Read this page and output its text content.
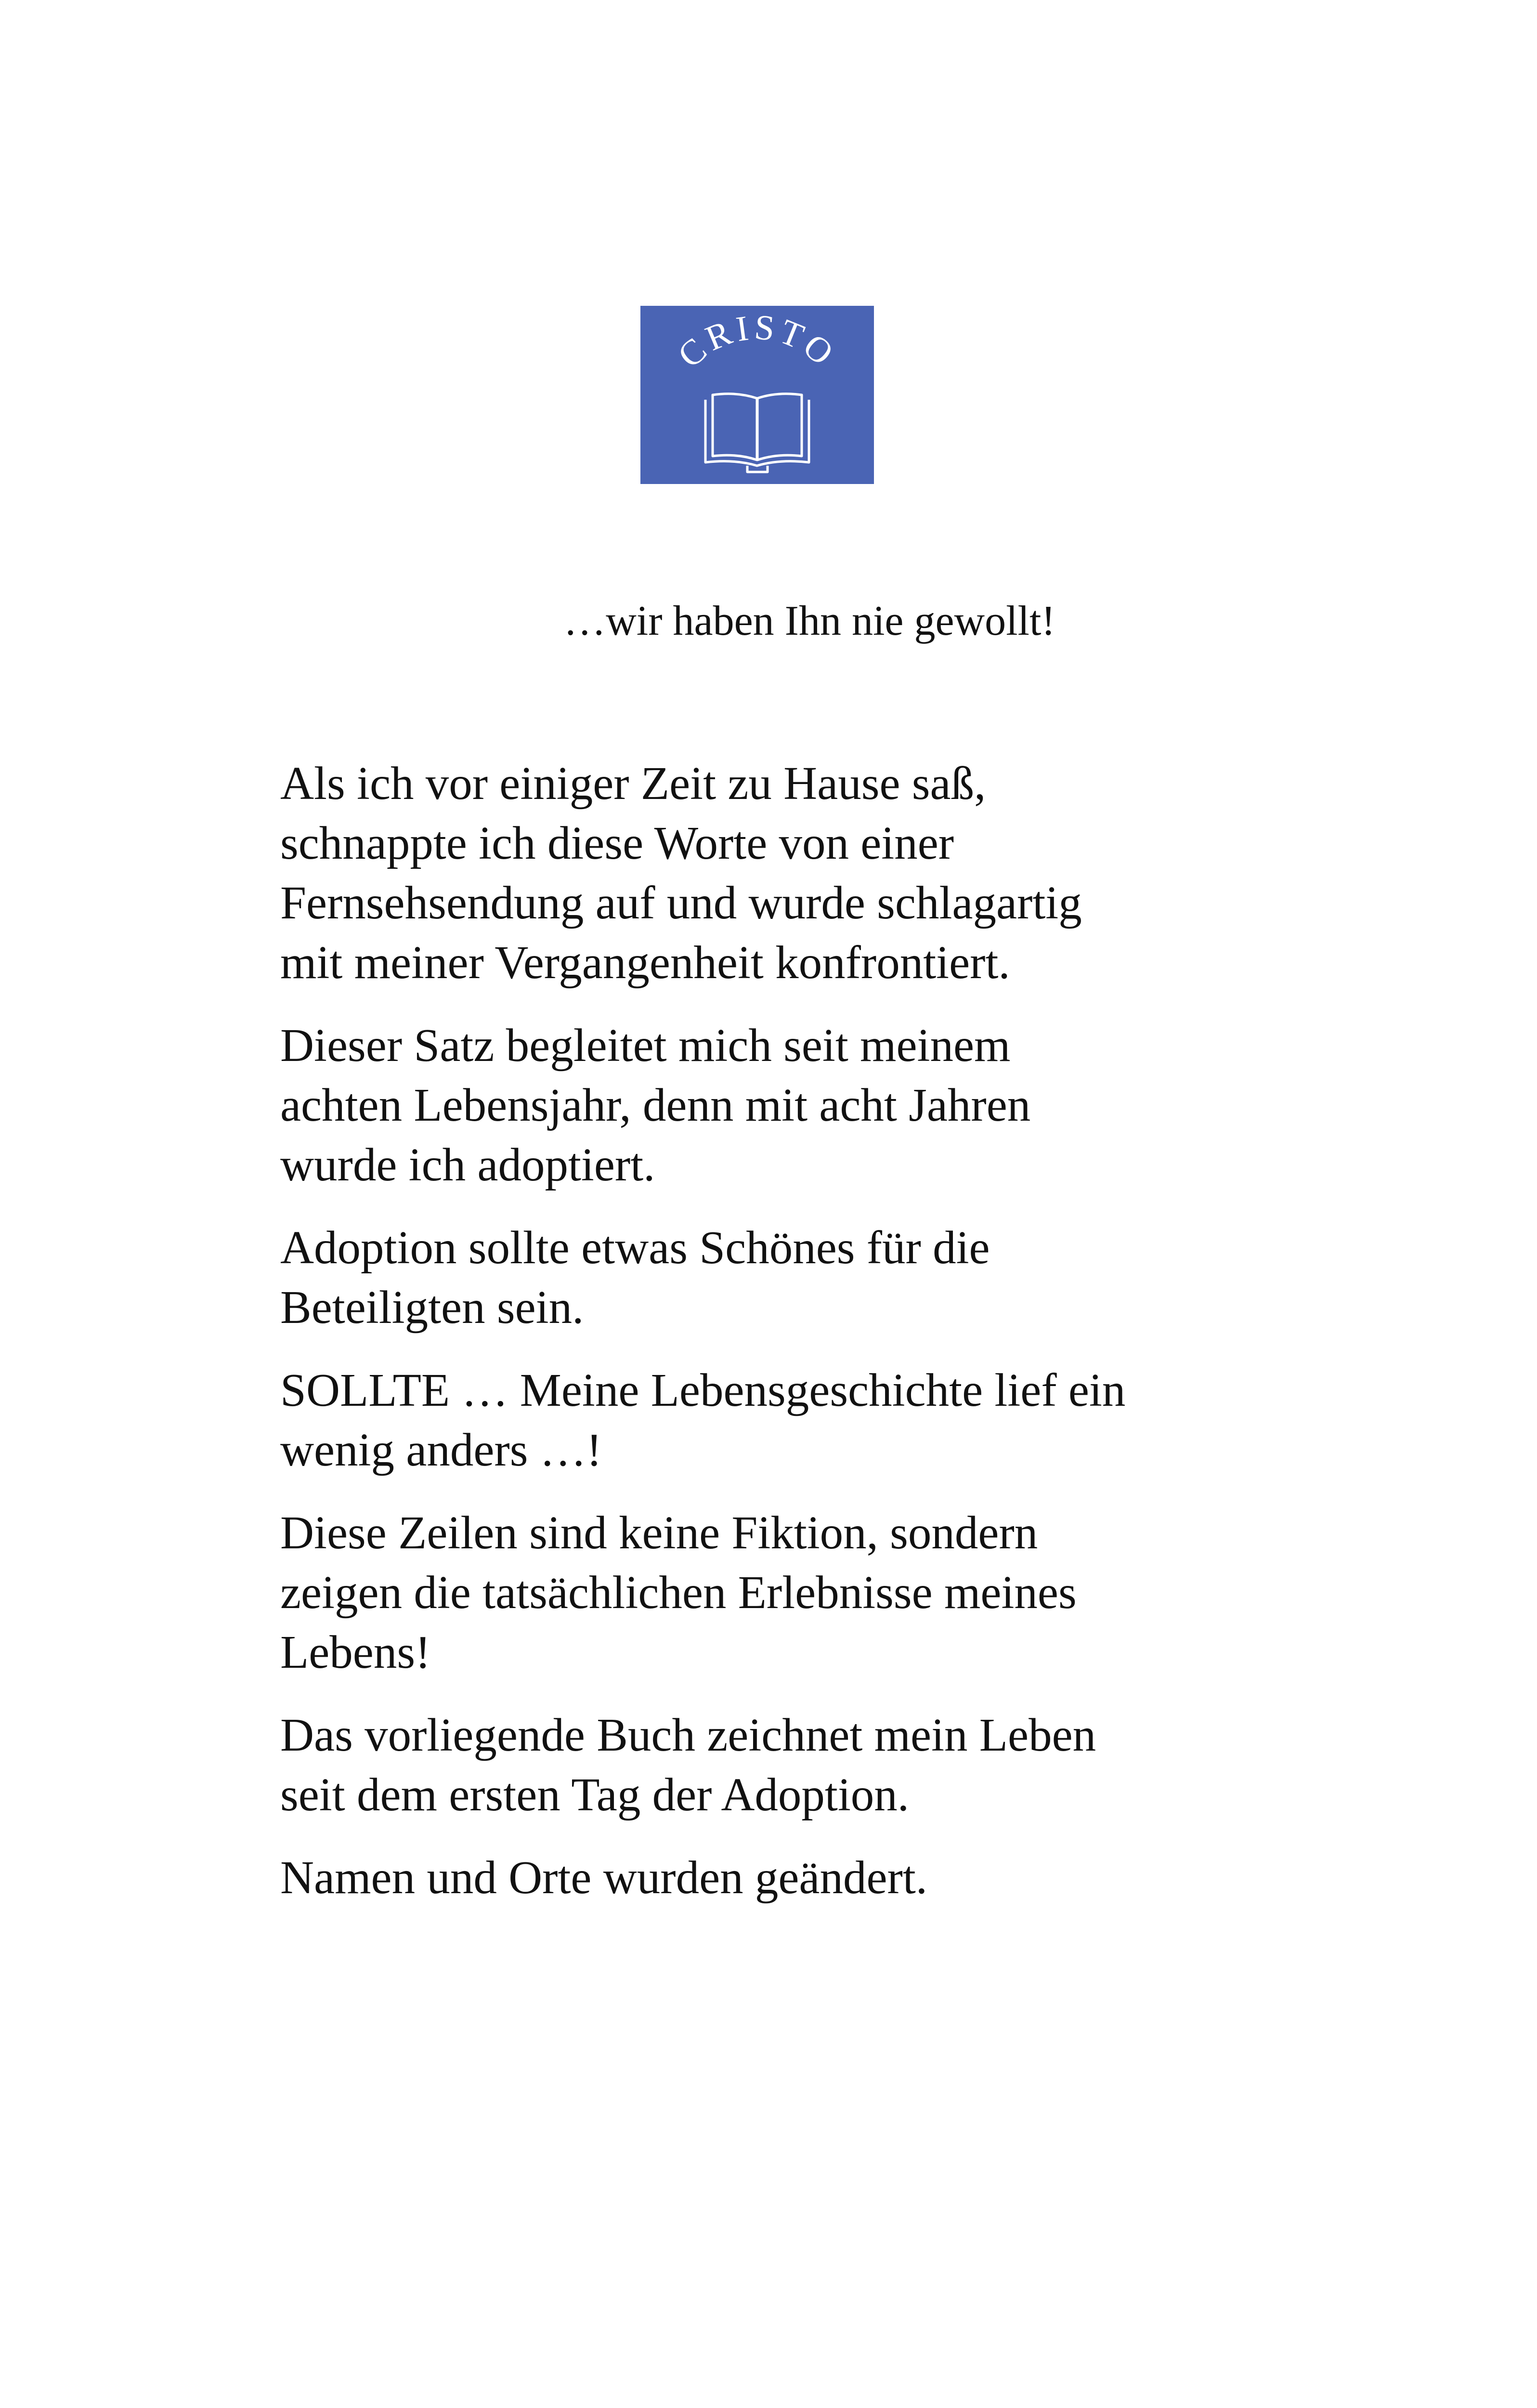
CRISTO
…wir haben Ihn nie gewollt!

Als ich vor einiger Zeit zu Hause saß,
schnappte ich diese Worte von einer
Fernsehsendung auf und wurde schlagartig
mit meiner Vergangenheit konfrontiert.

Dieser Satz begleitet mich seit meinem
achten Lebensjahr, denn mit acht Jahren
wurde ich adoptiert.

Adoption sollte etwas Schönes für die
Beteiligten sein.

SOLLTE … Meine Lebensgeschichte lief ein
wenig anders …!

Diese Zeilen sind keine Fiktion, sondern
zeigen die tatsächlichen Erlebnisse meines
Lebens!

Das vorliegende Buch zeichnet mein Leben
seit dem ersten Tag der Adoption.

Namen und Orte wurden geändert.
